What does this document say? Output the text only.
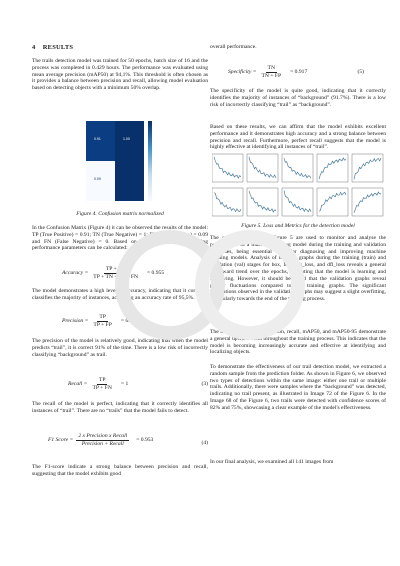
4 RESULTS

The trails detection model was trained for 50 epochs, batch size of 16 and the process was completed in 0.429 hours. The performance was evaluated using mean average precision (mAP50) at 94,1%. This threshold is often chosen as it provides a balance between precision and recall, allowing model evaluation based on detecting objects with a minimum 50% overlap.

0.91	1.00
0.09
Figure 4. Confusion matrix normalized

In the Confusion Matrix (Figure 4) it can be observed the results of the model: TP (True Positive) = 0.91; TN (True Negative) = 1; FP (False Positive) = 0.09 and FN (False Negative) = 0. Based on these values, the following performance parameters can be calculated:

Accuracy = $\frac{TP + TN}{TP + TN + FP + FN} = 0.955$	(1)

The model demonstrates a high level of accuracy, indicating that it correctly classifies the majority of instances, achieving an accuracy rate of 95,5%.

Precision = $\frac{TP}{TP + FP} = 0.91$	(2)

The precision of the model is relatively good, indicating that when the model predicts “trail”, it is correct 91% of the time. There is a low risk of incorrectly classifying “background” as trail.

Recall = $\frac{TP}{TP + FN} = 1$	(3)

The recall of the model is perfect, indicating that it correctly identifies all instances of “trail”. There are no “trails” that the model fails to detect.

F1 Score = $\frac{\text{2 x Precision x Recall}}{\text{Precision + Recall}} = 0.953$	(4)

The F1-score indicate a strong balance between precision and recall, suggesting that the model exhibits good

overall performance.

Specificity = $\frac{TN}{TN + FP} = 0.917$	(5)

The specificity of the model is quite good, indicating that it correctly identifies the majority of instances of “background” (91.7%). There is a low risk of incorrectly classifying “trail” as “background”.

Based on these results, we can affirm that the model exhibits excellent performance and it demonstrates high accuracy and a strong balance between precision and recall. Furthermore, perfect recall suggests that the model is highly effective at identifying all instances of “trail”.

Figure 5. Loss and Metrics for the detection model

The graphs presented in Figure 5 are used to monitor and analyse the performance of a machine learning model during the training and validation processes, being essential tools for diagnosing and improving machine learning models. Analysis of the loss graphs during the training (train) and validation (val) stages for box, loss, cls_loss, and dfl_loss reveals a general downward trend over the epochs, indicating that the model is learning and improving. However, it should be noted that the validation graphs reveal greater fluctuations compared to the training graphs. The significant fluctuations observed in the validation graphs may suggest a slight overfitting, particularly towards the end of the training process.

The metrics graphs for precision, recall, mAP50, and mAP50-95 demonstrate a general upward trend throughout the training process. This indicates that the model is becoming increasingly accurate and effective at identifying and localizing objects.

To demonstrate the effectiveness of our trail detection model, we extracted a random sample from the prediction folder. As shown in Figure 6, we observed two types of detections within the same image: either one trail or multiple trails. Additionally, there were samples where the “background” was detected, indicating no trail present, as illustrated in Image 72 of the Figure 6. In the Image 68 of the Figure 6, two trails were detected with confidence scores of 82% and 75%, showcasing a clear example of the model's effectiveness.

In our final analysis, we examined all 141 images from
